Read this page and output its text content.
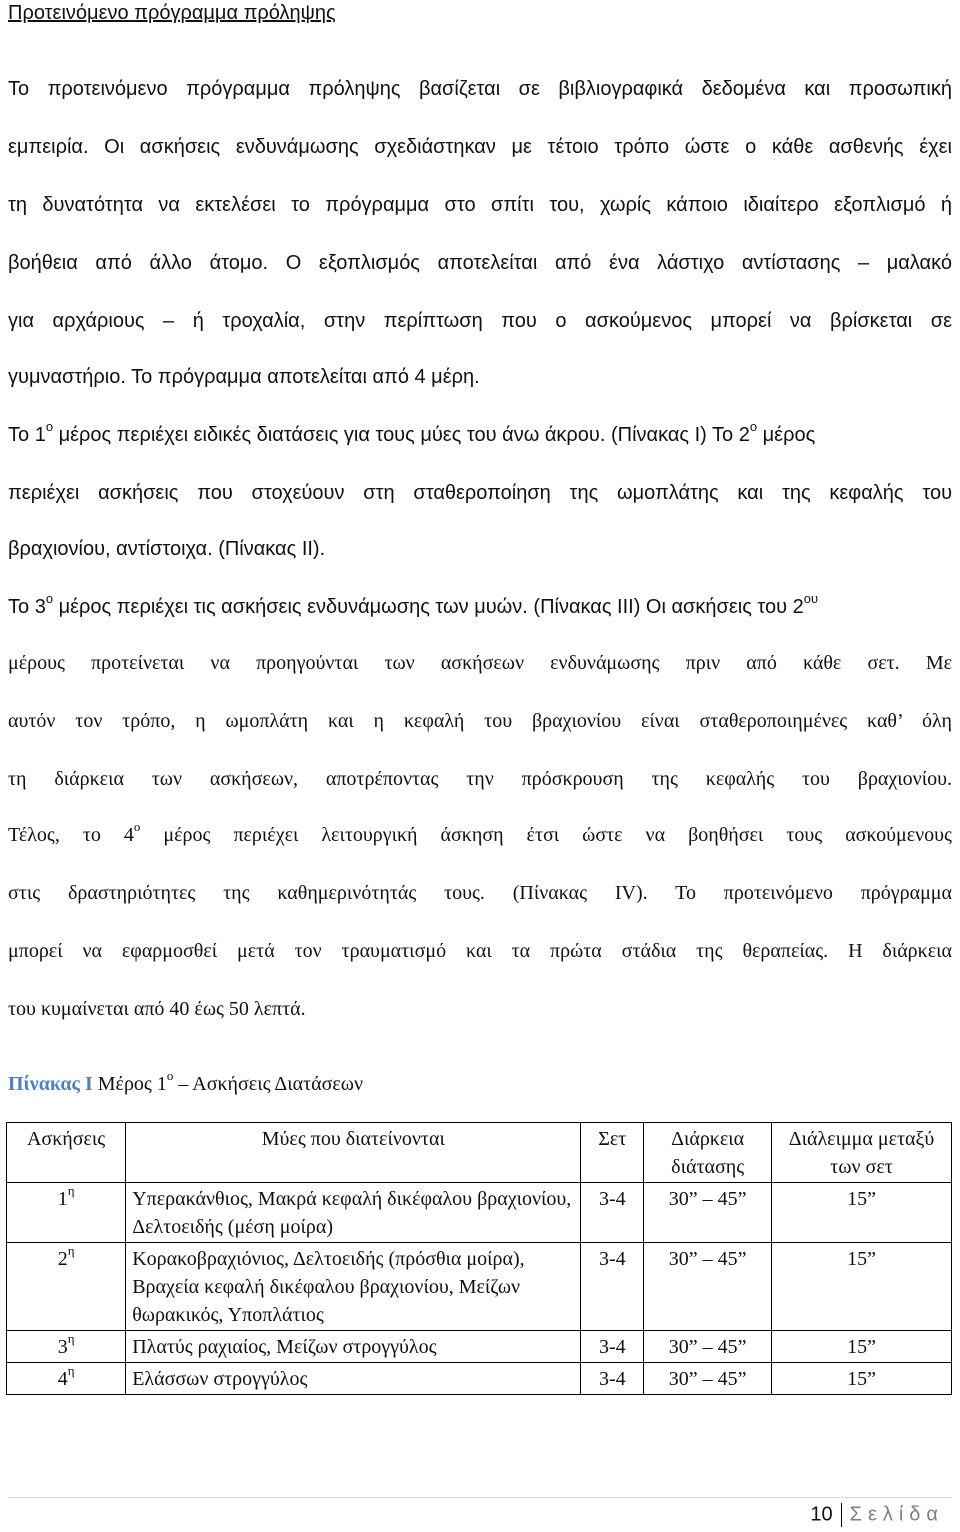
Προτεινόμενο πρόγραμμα πρόληψης
Το προτεινόμενο πρόγραμμα πρόληψης βασίζεται σε βιβλιογραφικά δεδομένα και προσωπική
εμπειρία. Οι ασκήσεις ενδυνάμωσης σχεδιάστηκαν με τέτοιο τρόπο ώστε ο κάθε ασθενής έχει
τη δυνατότητα να εκτελέσει το πρόγραμμα στο σπίτι του, χωρίς κάποιο ιδιαίτερο εξοπλισμό ή
βοήθεια από άλλο άτομο. Ο εξοπλισμός αποτελείται από ένα λάστιχο αντίστασης – μαλακό
για αρχάριους – ή τροχαλία, στην περίπτωση που ο ασκούμενος μπορεί να βρίσκεται σε
γυμναστήριο. Το πρόγραμμα αποτελείται από 4 μέρη.
Το $1^o$ μέρος περιέχει ειδικές διατάσεις για τους μύες του άνω άκρου. (Πίνακας Ι) Το $2^o$ μέρος
περιέχει ασκήσεις που στοχεύουν στη σταθεροποίηση της ωμοπλάτης και της κεφαλής του
βραχιονίου, αντίστοιχα. (Πίνακας ΙΙ).
Το $3^o$ μέρος περιέχει τις ασκήσεις ενδυνάμωσης των μυών. (Πίνακας ΙΙΙ) Οι ασκήσεις του $2^{o\upsilon}$
μέρους προτείνεται να προηγούνται των ασκήσεων ενδυνάμωσης πριν από κάθε σετ. Με
αυτόν τον τρόπο, η ωμοπλάτη και η κεφαλή του βραχιονίου είναι σταθεροποιημένες καθ’ όλη
τη διάρκεια των ασκήσεων, αποτρέποντας την πρόσκρουση της κεφαλής του βραχιονίου.
Τέλος, το $4^o$ μέρος περιέχει λειτουργική άσκηση έτσι ώστε να βοηθήσει τους ασκούμενους
στις δραστηριότητες της καθημερινότητάς τους. (Πίνακας IV). Το προτεινόμενο πρόγραμμα
μπορεί να εφαρμοσθεί μετά τον τραυματισμό και τα πρώτα στάδια της θεραπείας. Η διάρκεια
του κυμαίνεται από 40 έως 50 λεπτά.
Πίνακας Ι Μέρος $1^o$ – Ασκήσεις Διατάσεων
Ασκήσεις	Μύες που διατείνονται	Σετ	Διάρκεια διάτασης	Διάλειμμα μεταξύ των σετ
$1^\eta$	Υπερακάνθιος, Μακρά κεφαλή δικέφαλου βραχιονίου, Δελτοειδής (μέση μοίρα)	3-4	30” – 45”	15”
$2^\eta$	Κορακοβραχιόνιος, Δελτοειδής (πρόσθια μοίρα), Βραχεία κεφαλή δικέφαλου βραχιονίου, Μείζων θωρακικός, Υποπλάτιος	3-4	30” – 45”	15”
$3^\eta$	Πλατύς ραχιαίος, Μείζων στρογγύλος	3-4	30” – 45”	15”
$4^\eta$	Ελάσσων στρογγύλος	3-4	30” – 45”	15”
10 Σελίδα
